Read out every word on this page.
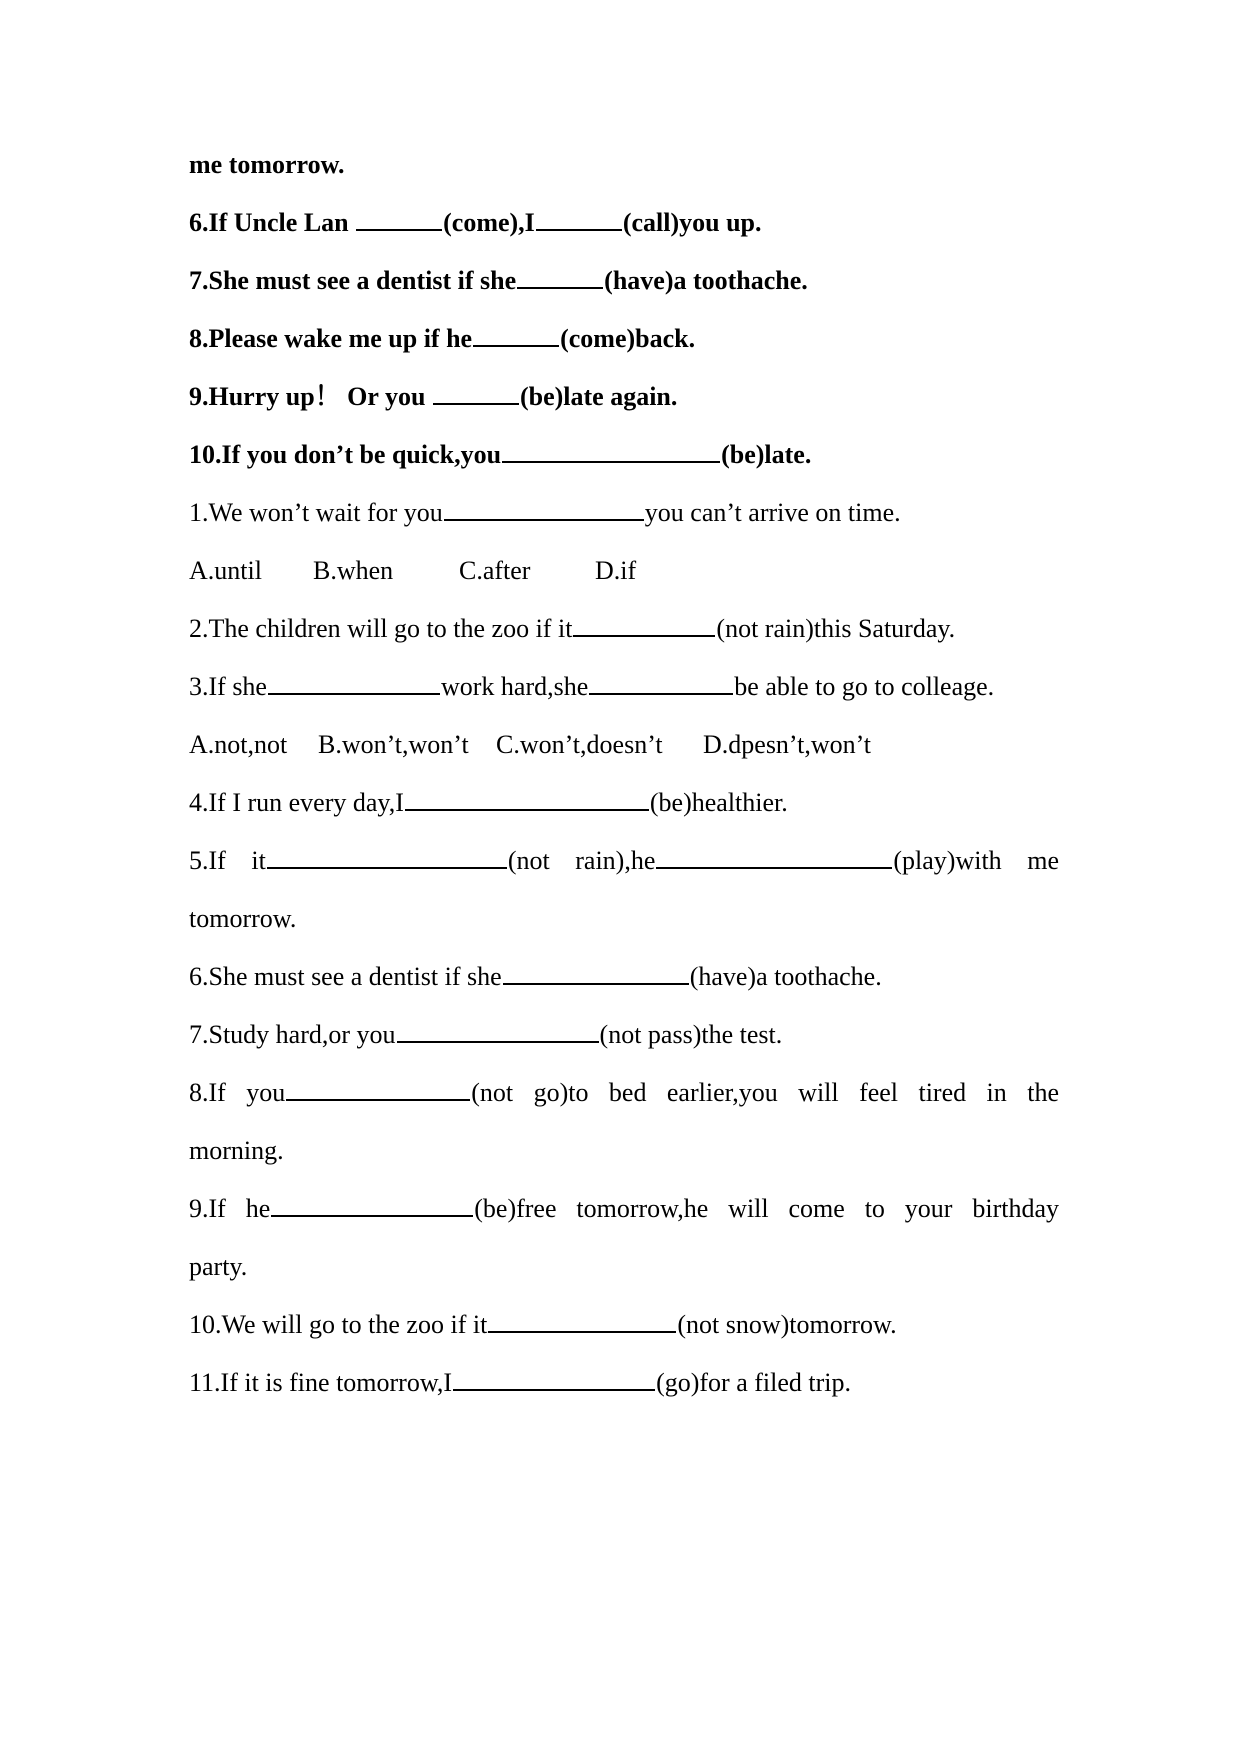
me tomorrow.
6.If Uncle Lan	(come),I	(call)you up.
7.She must see a dentist if she	(have)a toothache.
8.Please wake me up if he	(come)back.
9.Hurry up！ Or you	(be)late again.
10.If you don’t be quick,you	(be)late.
1.We won’t wait for you	you can’t arrive on time.
A.until B.when	C.after D.if
2.The children will go to the zoo if it	(not rain)this Saturday.
3.If she	work hard,she	be able to go to colleage.
A.not,not B.won’t,won’t C.won’t,doesn’t D.dpesn’t,won’t
4.If I run every day,I	(be)healthier.
5.If it	(not rain),he	(play)with me
tomorrow.
6.She must see a dentist if she	(have)a toothache.
7.Study hard,or you	(not pass)the test.
8.If you	(not go)to bed earlier,you will feel tired in the
morning.
9.If he	(be)free tomorrow,he will come to your birthday
party.
10.We will go to the zoo if it	(not snow)tomorrow.
11.If it is fine tomorrow,I	(go)for a filed trip.
